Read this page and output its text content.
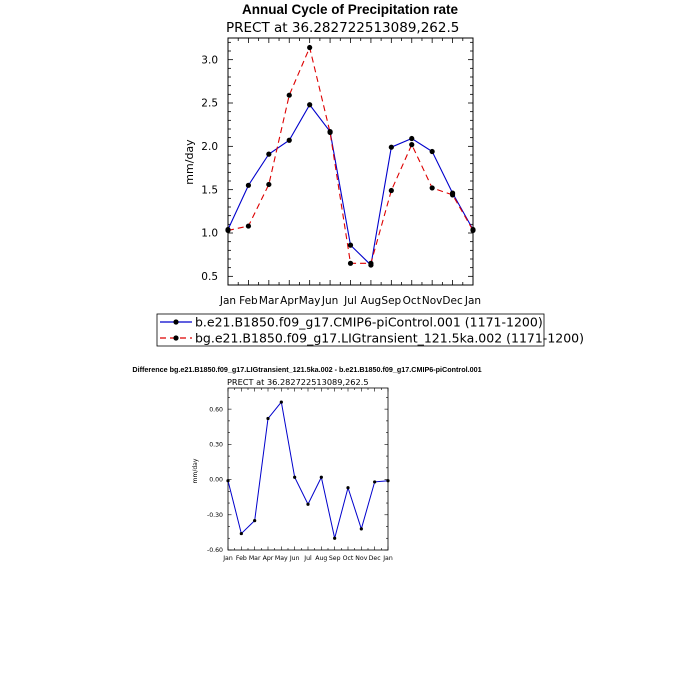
Annual Cycle of Precipitation rate
PRECT at 36.282722513089,262.5
mm/day
Jan Feb Mar Apr May Jun Jul Aug Sep Oct Nov Dec Jan
0.5
1.0
1.5
2.0
2.5
3.0
b.e21.B1850.f09_g17.CMIP6-piControl.001 (1171-1200)
bg.e21.B1850.f09_g17.LIGtransient_121.5ka.002 (1171-1200)
Difference bg.e21.B1850.f09_g17.LIGtransient_121.5ka.002 - b.e21.B1850.f09_g17.CMIP6-piControl.001
PRECT at 36.282722513089,262.5
mm/day
Jan Feb Mar Apr May Jun Jul Aug Sep Oct Nov Dec Jan
-0.60
-0.30
0.00
0.30
0.60
